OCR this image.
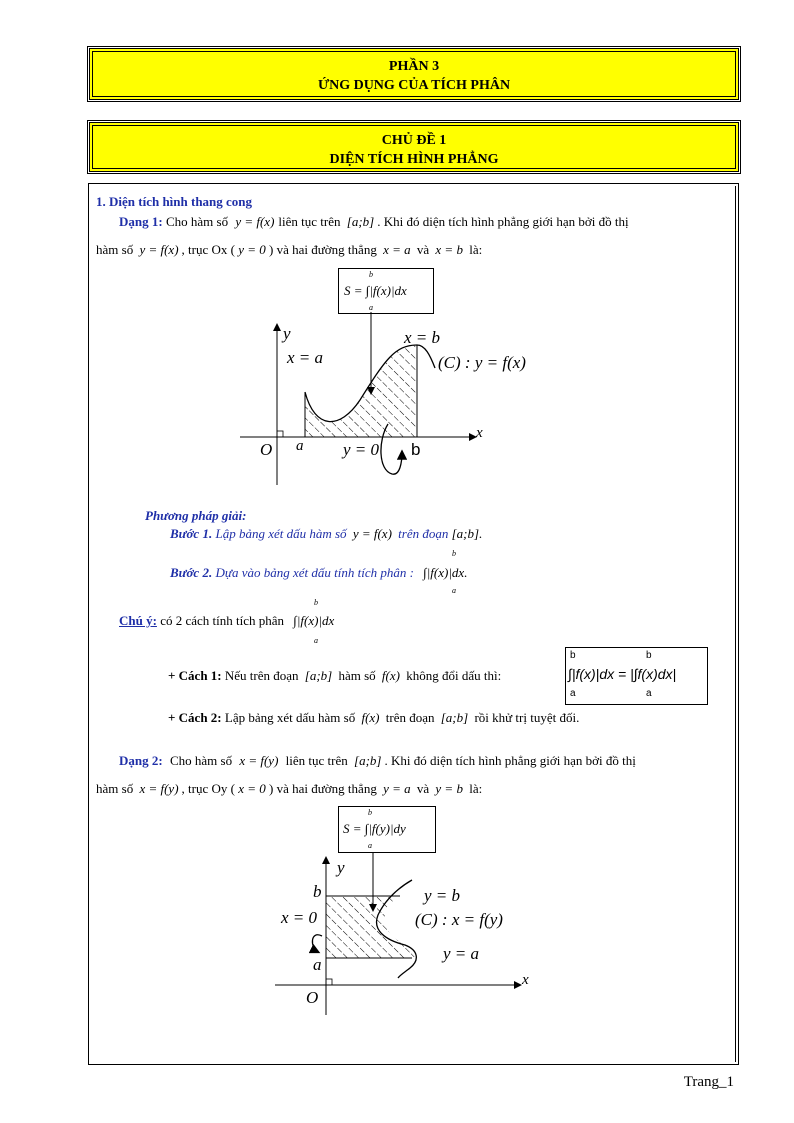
PHẦN 3
ỨNG DỤNG CỦA TÍCH PHÂN
CHỦ ĐỀ 1
DIỆN TÍCH HÌNH PHẲNG
1. Diện tích hình thang cong
Dạng 1: Cho hàm số y = f(x) liên tục trên [a;b] . Khi đó diện tích hình phẳng giới hạn bởi đồ thị
hàm số y = f(x) , trục Ox ( y = 0 ) và hai đường thẳng x = a và x = b là:
S = ∫|f(x)|dx
b
a
y
x
O
x = a
x = b
(C) : y = f(x)
a y = 0 b
Phương pháp giải:
Bước 1. Lập bảng xét dấu hàm số y = f(x) trên đoạn [a;b].
Bước 2. Dựa vào bảng xét dấu tính tích phân : ∫|f(x)|dx.
b
a
Chú ý: có 2 cách tính tích phân ∫|f(x)|dx
b
a
+ Cách 1: Nếu trên đoạn [a;b] hàm số f(x) không đổi dấu thì:	∫|f(x)|dx = |∫f(x)dx|
b
a
b
a
+ Cách 2: Lập bảng xét dấu hàm số f(x) trên đoạn [a;b] rồi khử trị tuyệt đối.
Dạng 2: Cho hàm số x = f(y) liên tục trên [a;b] . Khi đó diện tích hình phẳng giới hạn bởi đồ thị
hàm số x = f(y) , trục Oy ( x = 0 ) và hai đường thẳng y = a và y = b là:
S = ∫|f(y)|dy
b
a
y
x
O
b
a
x = 0
y = b
(C) : x = f(y)
y = a
Trang_1
